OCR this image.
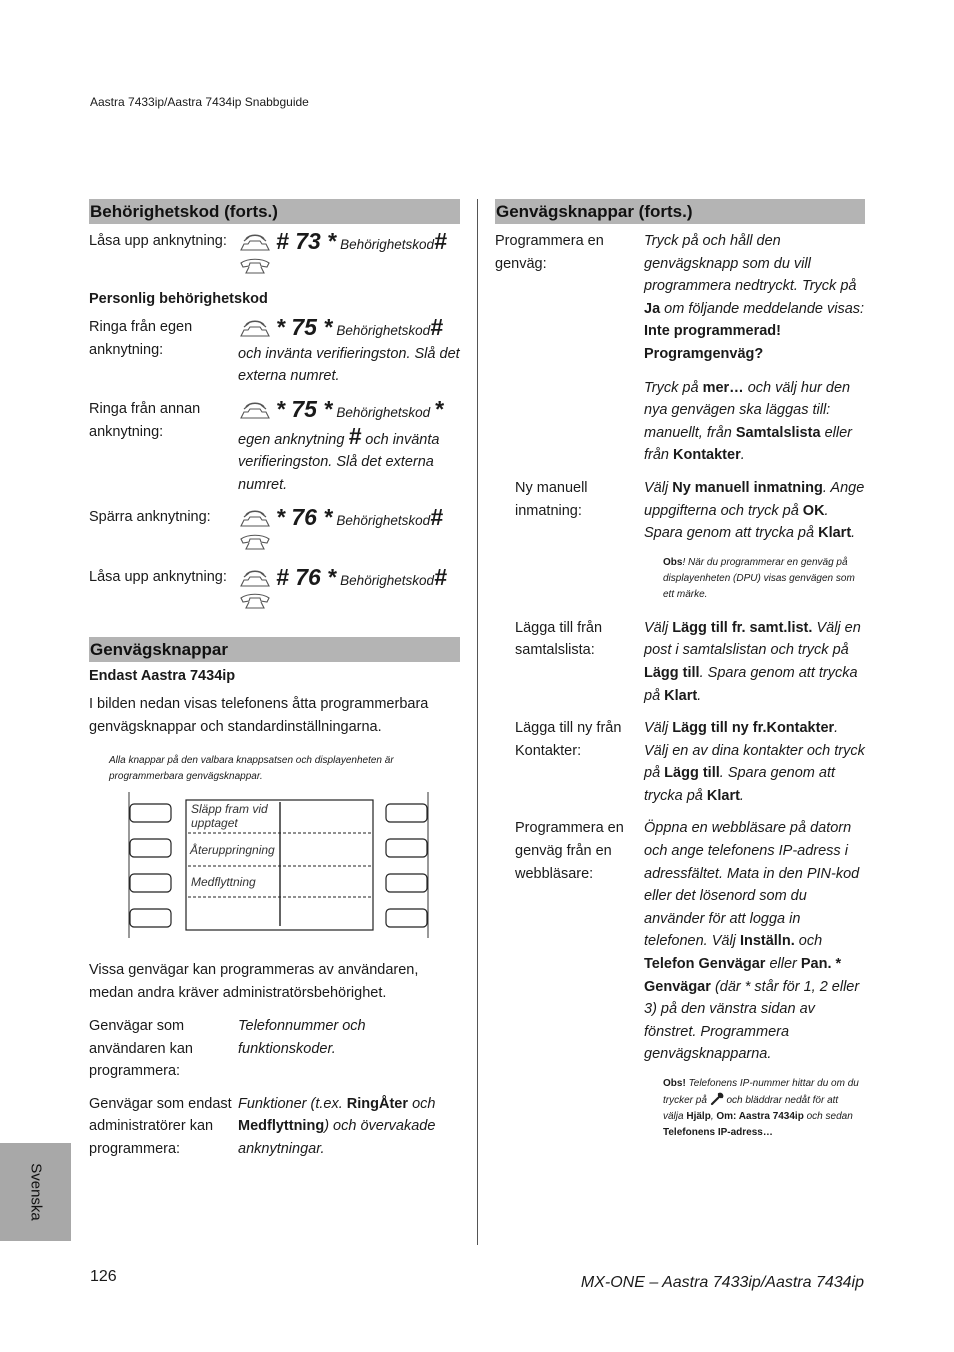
Aastra 7433ip/Aastra 7434ip Snabbguide
Behörighetskod (forts.)
Låsa upp anknytning:	# 73 * Behörighetskod#

Personlig behörighetskod
Ringa från egen anknytning:
* 75 * Behörighetskod#
och invänta verifieringston. Slå det externa numret.
Ringa från annan anknytning:
* 75 * Behörighetskod *
egen anknytning # och invänta verifieringston. Slå det externa numret.
Spärra anknytning:	* 76 * Behörighetskod#

Låsa upp anknytning:	# 76 * Behörighetskod#

Genvägsknappar
Endast Aastra 7434ip
I bilden nedan visas telefonens åtta programmerbara genvägsknappar och standardinställningarna.
Alla knappar på den valbara knappsatsen och displayenheten är programmerbara genvägsknappar.
Släpp fram vid upptaget
Återuppringning
Medflyttning
Vissa genvägar kan programmeras av användaren, medan andra kräver administratörsbehörighet.
Genvägar som användaren kan programmera:
Telefonnummer och funktionskoder.
Genvägar som endast administratörer kan programmera:
Funktioner (t.ex. RingÅter och Medflyttning) och övervakade anknytningar.
Genvägsknappar (forts.)
Programmera en genväg:
Tryck på och håll den genvägsknapp som du vill programmera nedtryckt. Tryck på Ja om följande meddelande visas:
Inte programmerad! Programgenväg?
Tryck på mer… och välj hur den nya genvägen ska läggas till: manuellt, från Samtalslista eller från Kontakter.
Ny manuell inmatning:
Välj Ny manuell inmatning. Ange uppgifterna och tryck på OK. Spara genom att trycka på Klart.
Obs! När du programmerar en genväg på displayenheten (DPU) visas genvägen som ett märke.
Lägga till från samtalslista:
Välj Lägg till fr. samt.list. Välj en post i samtalslistan och tryck på Lägg till. Spara genom att trycka på Klart.
Lägga till ny från Kontakter:
Välj Lägg till ny fr.Kontakter. Välj en av dina kontakter och tryck på Lägg till. Spara genom att trycka på Klart.
Programmera en genväg från en webbläsare:
Öppna en webbläsare på datorn och ange telefonens IP-adress i adressfältet. Mata in den PIN-kod eller det lösenord som du använder för att logga in telefonen. Välj Inställn. och Telefon Genvägar eller Pan. * Genvägar (där * står för 1, 2 eller 3) på den vänstra sidan av fönstret. Programmera genvägsknapparna.
Obs! Telefonens IP-nummer hittar du om du trycker på och bläddrar nedåt för att välja Hjälp, Om: Aastra 7434ip och sedan Telefonens IP-adress…
Svenska
126	MX-ONE – Aastra 7433ip/Aastra 7434ip
